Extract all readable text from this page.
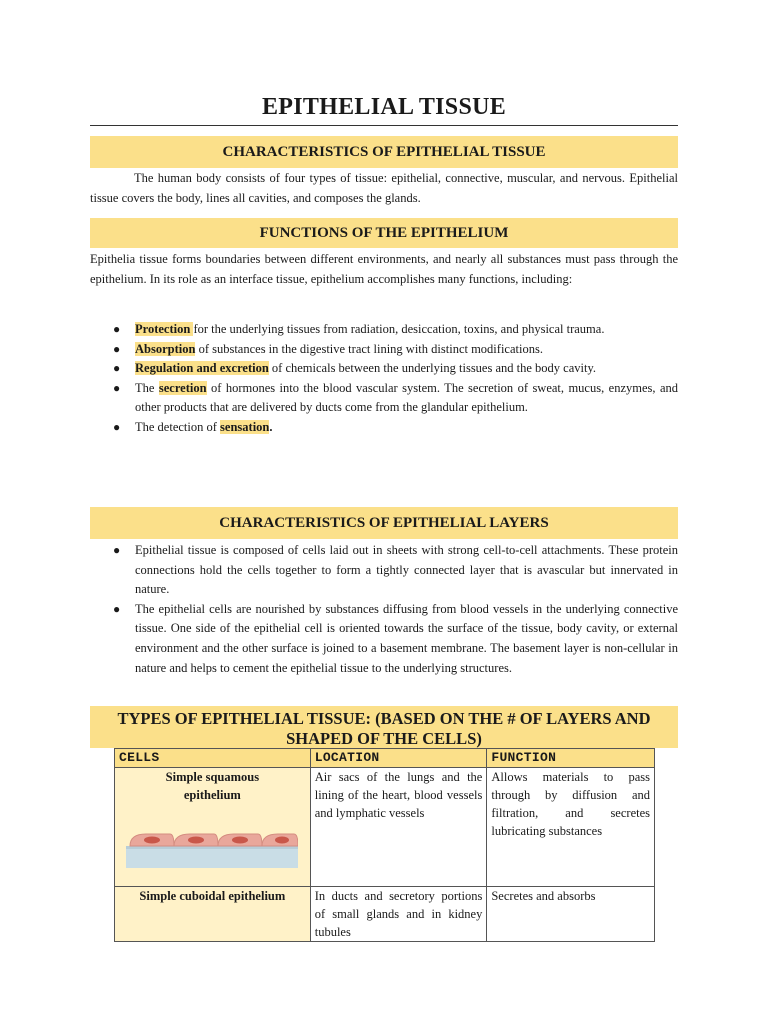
EPITHELIAL TISSUE
CHARACTERISTICS OF EPITHELIAL TISSUE
The human body consists of four types of tissue: epithelial, connective, muscular, and nervous. Epithelial tissue covers the body, lines all cavities, and composes the glands.
FUNCTIONS OF THE EPITHELIUM
Epithelia tissue forms boundaries between different environments, and nearly all substances must pass through the epithelium. In its role as an interface tissue, epithelium accomplishes many functions, including:
● Protection for the underlying tissues from radiation, desiccation, toxins, and physical trauma.
● Absorption of substances in the digestive tract lining with distinct modifications.
● Regulation and excretion of chemicals between the underlying tissues and the body cavity.
● The secretion of hormones into the blood vascular system. The secretion of sweat, mucus, enzymes, and other products that are delivered by ducts come from the glandular epithelium.
● The detection of sensation.
CHARACTERISTICS OF EPITHELIAL LAYERS
● Epithelial tissue is composed of cells laid out in sheets with strong cell-to-cell attachments. These protein connections hold the cells together to form a tightly connected layer that is avascular but innervated in nature.
● The epithelial cells are nourished by substances diffusing from blood vessels in the underlying connective tissue. One side of the epithelial cell is oriented towards the surface of the tissue, body cavity, or external environment and the other surface is joined to a basement membrane. The basement layer is non-cellular in nature and helps to cement the epithelial tissue to the underlying structures.
TYPES OF EPITHELIAL TISSUE: (BASED ON THE # OF LAYERS AND
SHAPED OF THE CELLS)
CELLS	LOCATION	FUNCTION

Simple squamous epithelium	Air sacs of the lungs and the lining of the heart, blood vessels and lymphatic vessels	Allows materials to pass through by diffusion and filtration, and secretes lubricating substances
Simple cuboidal epithelium	In ducts and secretory portions of small glands and in kidney tubules	Secretes and absorbs
